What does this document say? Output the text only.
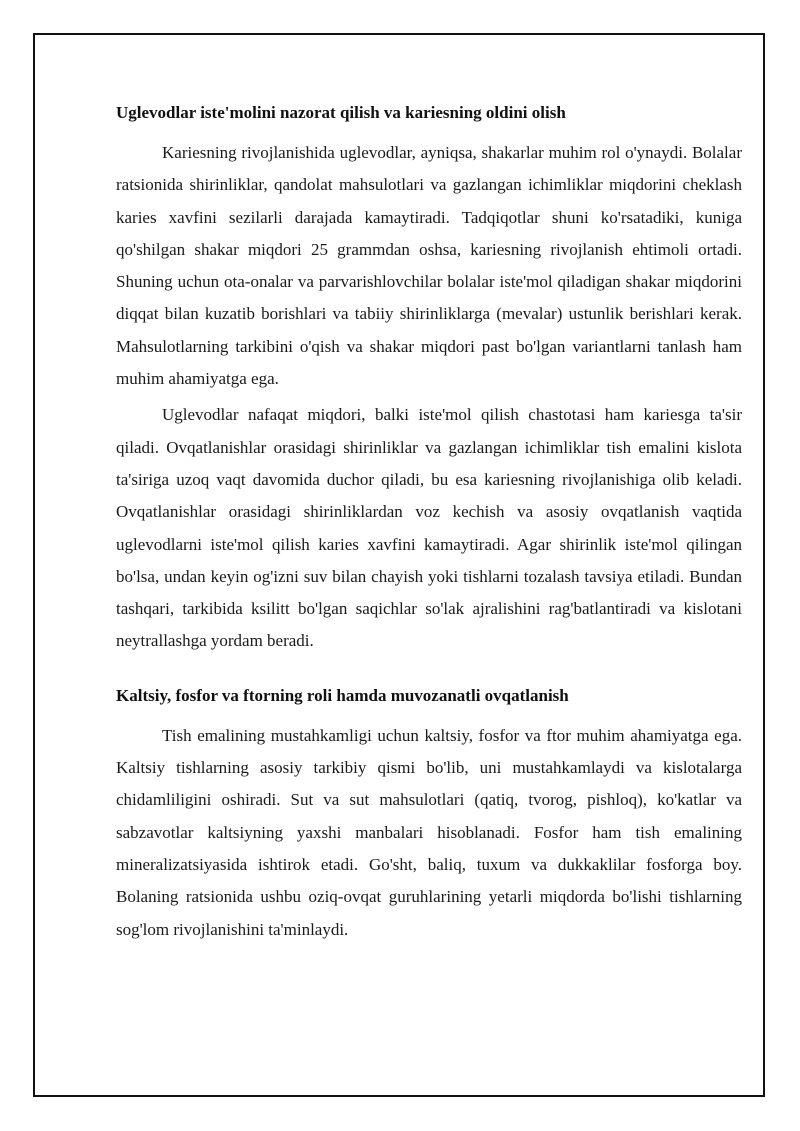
Uglevodlar iste'molini nazorat qilish va kariesning oldini olish

Kariesning rivojlanishida uglevodlar, ayniqsa, shakarlar muhim rol o'ynaydi. Bolalar ratsionida shirinliklar, qandolat mahsulotlari va gazlangan ichimliklar miqdorini cheklash karies xavfini sezilarli darajada kamaytiradi. Tadqiqotlar shuni ko'rsatadiki, kuniga qo'shilgan shakar miqdori 25 grammdan oshsa, kariesning rivojlanish ehtimoli ortadi. Shuning uchun ota-onalar va parvarishlovchilar bolalar iste'mol qiladigan shakar miqdorini diqqat bilan kuzatib borishlari va tabiiy shirinliklarga (mevalar) ustunlik berishlari kerak. Mahsulotlarning tarkibini o'qish va shakar miqdori past bo'lgan variantlarni tanlash ham muhim ahamiyatga ega.

Uglevodlar nafaqat miqdori, balki iste'mol qilish chastotasi ham kariesga ta'sir qiladi. Ovqatlanishlar orasidagi shirinliklar va gazlangan ichimliklar tish emalini kislota ta'siriga uzoq vaqt davomida duchor qiladi, bu esa kariesning rivojlanishiga olib keladi. Ovqatlanishlar orasidagi shirinliklardan voz kechish va asosiy ovqatlanish vaqtida uglevodlarni iste'mol qilish karies xavfini kamaytiradi. Agar shirinlik iste'mol qilingan bo'lsa, undan keyin og'izni suv bilan chayish yoki tishlarni tozalash tavsiya etiladi. Bundan tashqari, tarkibida ksilitt bo'lgan saqichlar so'lak ajralishini rag'batlantiradi va kislotani neytrallashga yordam beradi.

Kaltsiy, fosfor va ftorning roli hamda muvozanatli ovqatlanish

Tish emalining mustahkamligi uchun kaltsiy, fosfor va ftor muhim ahamiyatga ega. Kaltsiy tishlarning asosiy tarkibiy qismi bo'lib, uni mustahkamlaydi va kislotalarga chidamliligini oshiradi. Sut va sut mahsulotlari (qatiq, tvorog, pishloq), ko'katlar va sabzavotlar kaltsiyning yaxshi manbalari hisoblanadi. Fosfor ham tish emalining mineralizatsiyasida ishtirok etadi. Go'sht, baliq, tuxum va dukkaklilar fosforga boy. Bolaning ratsionida ushbu oziq-ovqat guruhlarining yetarli miqdorda bo'lishi tishlarning sog'lom rivojlanishini ta'minlaydi.
